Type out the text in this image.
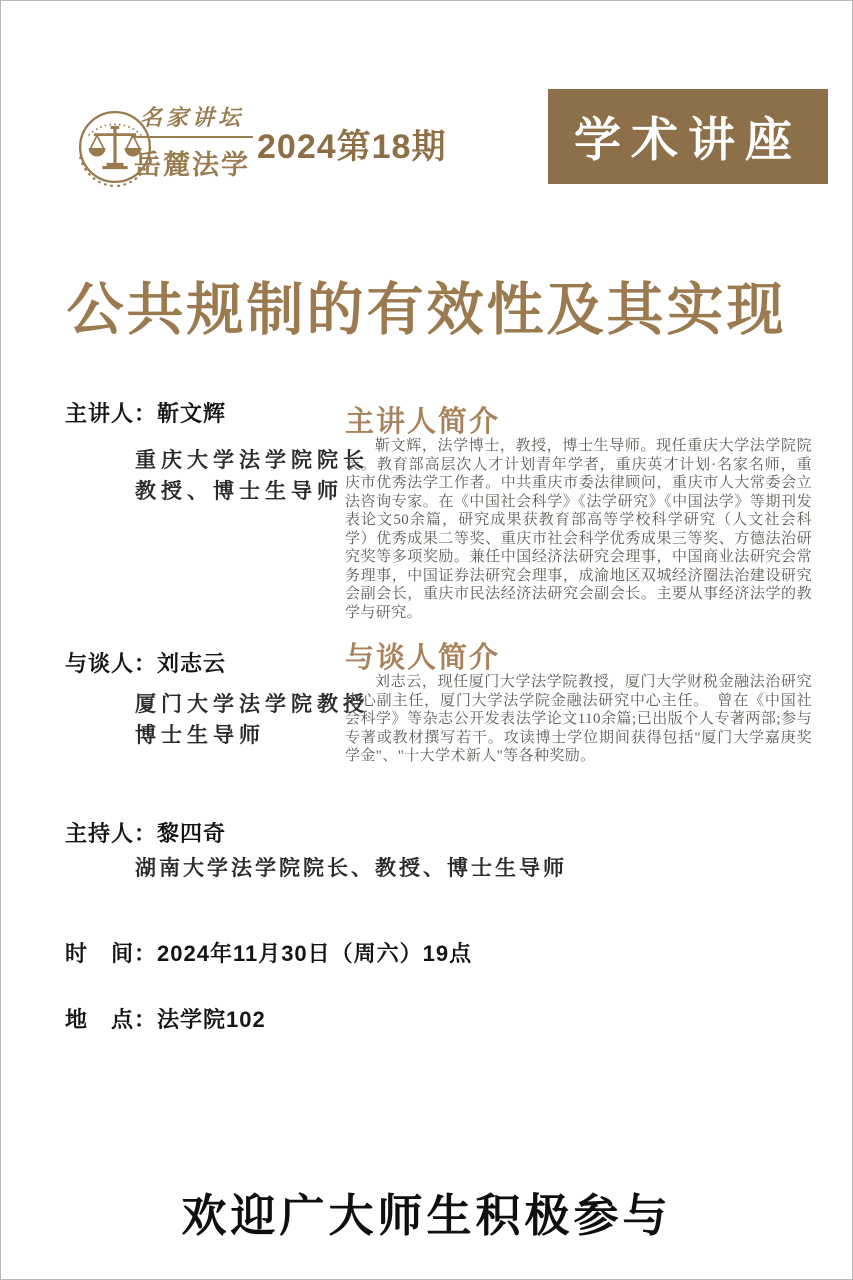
名家讲坛
岳麓法学 2024第18期	学术讲座
公共规制的有效性及其实现
主讲人：靳文辉
重庆大学法学院院长
教授、博士生导师
主讲人简介

靳文辉，法学博士，教授，博士生导师。现任重庆大学法学院院长。教育部高层次人才计划青年学者，重庆英才计划·名家名师，重庆市优秀法学工作者。中共重庆市委法律顾问，重庆市人大常委会立法咨询专家。在《中国社会科学》《法学研究》《中国法学》等期刊发表论文50余篇，研究成果获教育部高等学校科学研究（人文社会科学）优秀成果二等奖、重庆市社会科学优秀成果三等奖、方德法治研究奖等多项奖励。兼任中国经济法研究会理事，中国商业法研究会常务理事，中国证券法研究会理事，成渝地区双城经济圈法治建设研究会副会长，重庆市民法经济法研究会副会长。主要从事经济法学的教学与研究。

与谈人：刘志云
厦门大学法学院教授
博士生导师
与谈人简介

刘志云，现任厦门大学法学院教授，厦门大学财税金融法治研究中心副主任，厦门大学法学院金融法研究中心主任。　曾在《中国社会科学》等杂志公开发表法学论文110余篇;已出版个人专著两部;参与专著或教材撰写若干。攻读博士学位期间获得包括"厦门大学嘉庚奖学金"、"十大学术新人"等各种奖励。

主持人：黎四奇
湖南大学法学院院长、教授、博士生导师
时　间：2024年11月30日（周六）19点
地　点：法学院102
欢迎广大师生积极参与
